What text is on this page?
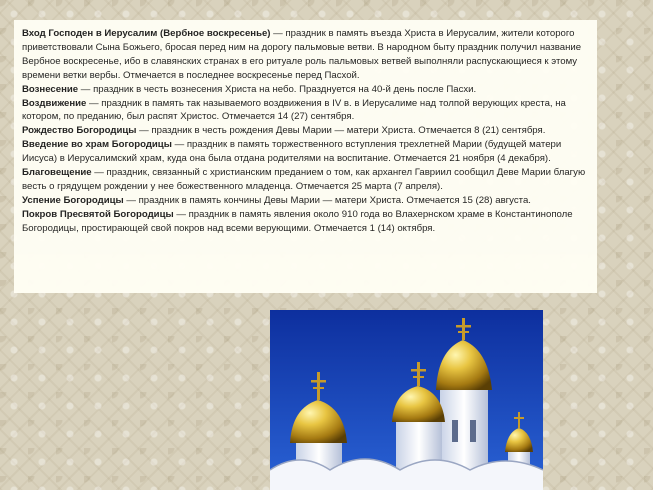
Вход Господен в Иерусалим (Вербное воскресенье) — праздник в память въезда Христа в Иерусалим, жители которого приветствовали Сына Божьего, бросая перед ним на дорогу пальмовые ветви. В народном быту праздник получил название Вербное воскресенье, ибо в славянских странах в его ритуале роль пальмовых ветвей выполняли распускающиеся к этому времени ветки вербы. Отмечается в последнее воскресенье перед Пасхой.

Вознесение — праздник в честь вознесения Христа на небо. Празднуется на 40-й день после Пасхи.

Воздвижение — праздник в память так называемого воздвижения в IV в. в Иерусалиме над толпой верующих креста, на котором, по преданию, был распят Христос. Отмечается 14 (27) сентября.

Рождество Богородицы — праздник в честь рождения Девы Марии — матери Христа. Отмечается 8 (21) сентября.

Введение во храм Богородицы — праздник в память торжественного вступления трехлетней Марии (будущей матери Иисуса) в Иерусалимский храм, куда она была отдана родителями на воспитание. Отмечается 21 ноября (4 декабря).

Благовещение — праздник, связанный с христианским преданием о том, как архангел Гавриил сообщил Деве Марии благую весть о грядущем рождении у нее божественного младенца. Отмечается 25 марта (7 апреля).

Успение Богородицы — праздник в память кончины Девы Марии — матери Христа. Отмечается 15 (28) августа.

Покров Пресвятой Богородицы — праздник в память явления около 910 года во Влахернском храме в Константинополе Богородицы, простирающей свой покров над всеми верующими. Отмечается 1 (14) октября.
